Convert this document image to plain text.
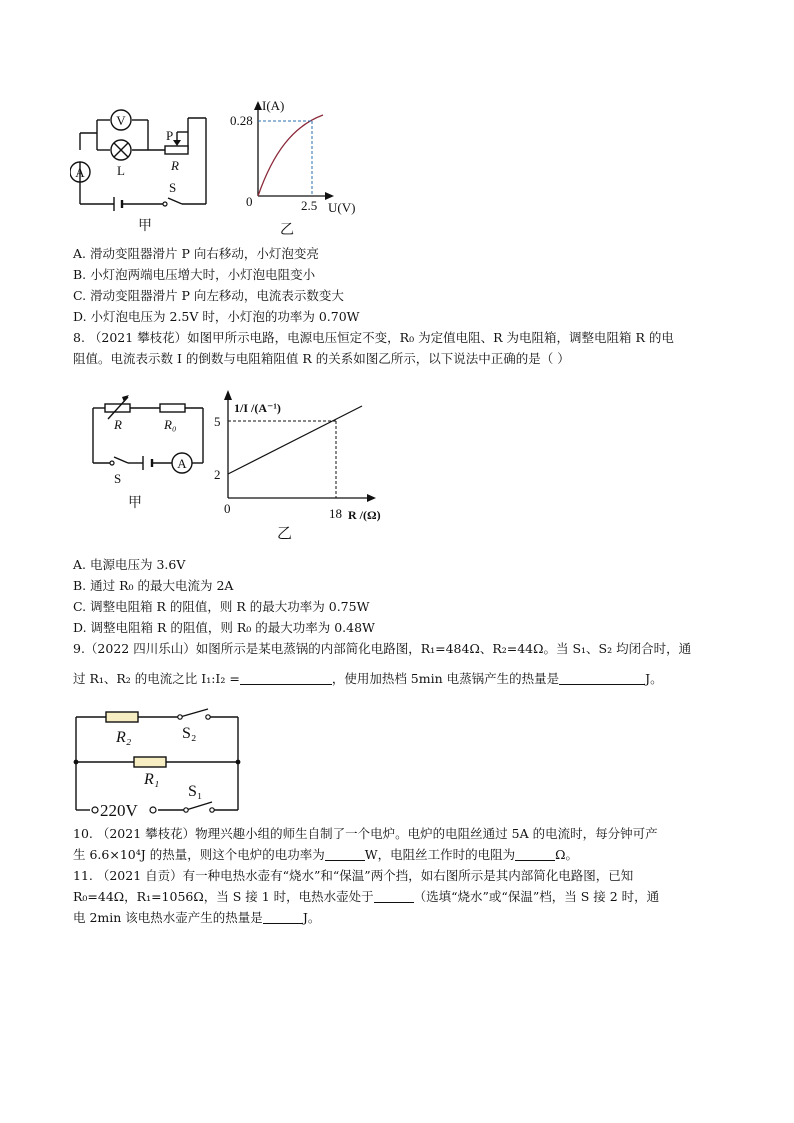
V
A L
P
R
S
甲
0.28
0	2.5
I(A)
U(V)
乙
A. 滑动变阻器滑片 P 向右移动，小灯泡变亮
B. 小灯泡两端电压增大时，小灯泡电阻变小
C. 滑动变阻器滑片 P 向左移动，电流表示数变大
D. 小灯泡电压为 2.5V 时，小灯泡的功率为 0.70W
8. （2021 攀枝花）如图甲所示电路，电源电压恒定不变，R₀ 为定值电阻、R 为电阻箱，调整电阻箱 R 的电
阻值。电流表示数 I 的倒数与电阻箱阻值 R 的关系如图乙所示，以下说法中正确的是（ ）
R	R₀
A
S
甲
1/I /(A⁻¹)
5
2
0	18 R /(Ω)
乙
A. 电源电压为 3.6V
B. 通过 R₀ 的最大电流为 2A
C. 调整电阻箱 R 的阻值，则 R 的最大功率为 0.75W
D. 调整电阻箱 R 的阻值，则 R₀ 的最大功率为 0.48W
9.（2022 四川乐山）如图所示是某电蒸锅的内部简化电路图，R₁=484Ω、R₂=44Ω。当 S₁、S₂ 均闭合时，通
过 R₁、R₂ 的电流之比 I₁:I₂ =	，使用加热档 5min 电蒸锅产生的热量是	J。
R₂	S₂
R₁
S₁
220V
10. （2021 攀枝花）物理兴趣小组的师生自制了一个电炉。电炉的电阻丝通过 5A 的电流时，每分钟可产
生 6.6×10⁴J 的热量，则这个电炉的电功率为	W，电阻丝工作时的电阻为	Ω。
11. （2021 自贡）有一种电热水壶有“烧水”和“保温”两个挡，如右图所示是其内部简化电路图，已知
R₀=44Ω，R₁=1056Ω，当 S 接 1 时，电热水壶处于	（选填“烧水”或“保温”档，当 S 接 2 时，通
电 2min 该电热水壶产生的热量是	J。
